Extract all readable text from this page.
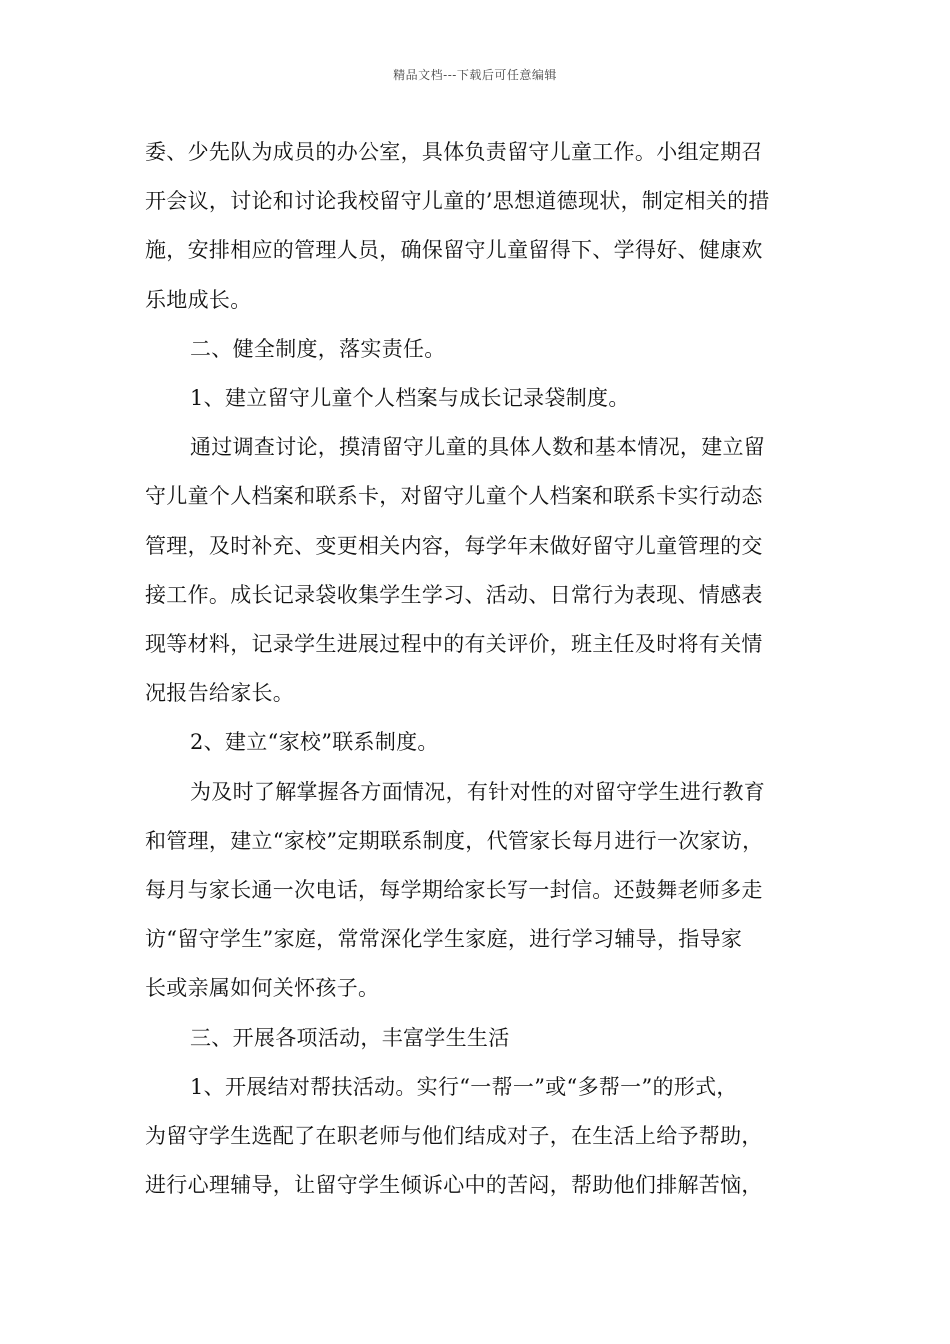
精品文档---下载后可任意编辑
委、少先队为成员的办公室，具体负责留守儿童工作。小组定期召
开会议，讨论和讨论我校留守儿童的’思想道德现状，制定相关的措
施，安排相应的管理人员，确保留守儿童留得下、学得好、健康欢
乐地成长。
二、健全制度，落实责任。
1、建立留守儿童个人档案与成长记录袋制度。
通过调查讨论，摸清留守儿童的具体人数和基本情况，建立留
守儿童个人档案和联系卡，对留守儿童个人档案和联系卡实行动态
管理，及时补充、变更相关内容，每学年末做好留守儿童管理的交
接工作。成长记录袋收集学生学习、活动、日常行为表现、情感表
现等材料，记录学生进展过程中的有关评价，班主任及时将有关情
况报告给家长。
2、建立“家校”联系制度。
为及时了解掌握各方面情况，有针对性的对留守学生进行教育
和管理，建立“家校”定期联系制度，代管家长每月进行一次家访，
每月与家长通一次电话，每学期给家长写一封信。还鼓舞老师多走
访“留守学生”家庭，常常深化学生家庭，进行学习辅导，指导家
长或亲属如何关怀孩子。
三、开展各项活动，丰富学生生活
1、开展结对帮扶活动。实行“一帮一”或“多帮一”的形式，
为留守学生选配了在职老师与他们结成对子，在生活上给予帮助，
进行心理辅导，让留守学生倾诉心中的苦闷，帮助他们排解苦恼，
